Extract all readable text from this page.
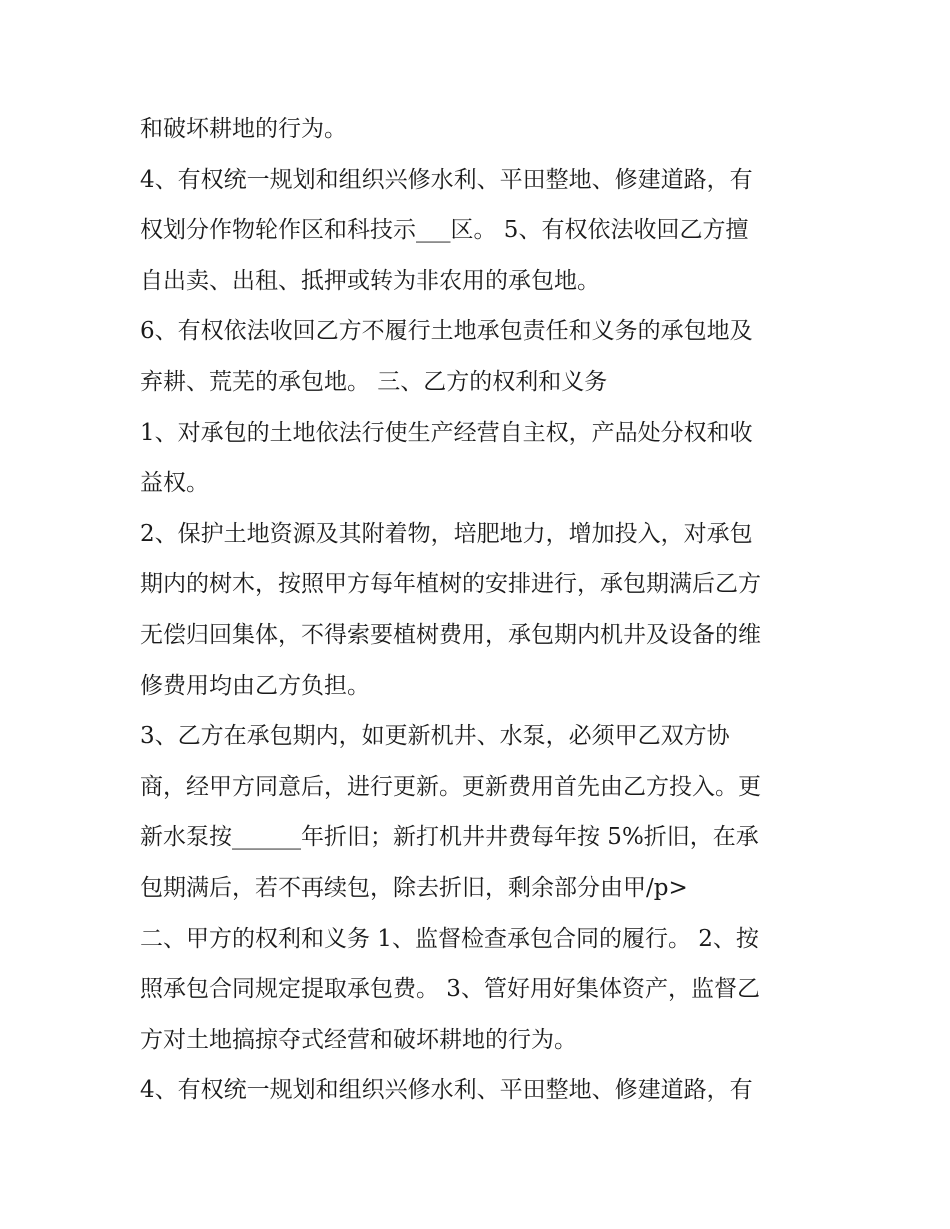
和破坏耕地的行为。
4、有权统一规划和组织兴修水利、平田整地、修建道路，有
权划分作物轮作区和科技示___区。 5、有权依法收回乙方擅
自出卖、出租、抵押或转为非农用的承包地。
6、有权依法收回乙方不履行土地承包责任和义务的承包地及
弃耕、荒芜的承包地。 三、乙方的权利和义务
1、对承包的土地依法行使生产经营自主权，产品处分权和收
益权。
2、保护土地资源及其附着物，培肥地力，增加投入，对承包
期内的树木，按照甲方每年植树的安排进行，承包期满后乙方
无偿归回集体，不得索要植树费用，承包期内机井及设备的维
修费用均由乙方负担。
3、乙方在承包期内，如更新机井、水泵，必须甲乙双方协
商，经甲方同意后，进行更新。更新费用首先由乙方投入。更
新水泵按______年折旧；新打机井井费每年按 5%折旧，在承
包期满后，若不再续包，除去折旧，剩余部分由甲/p>
二、甲方的权利和义务 1、监督检查承包合同的履行。 2、按
照承包合同规定提取承包费。 3、管好用好集体资产，监督乙
方对土地搞掠夺式经营和破坏耕地的行为。
4、有权统一规划和组织兴修水利、平田整地、修建道路，有
